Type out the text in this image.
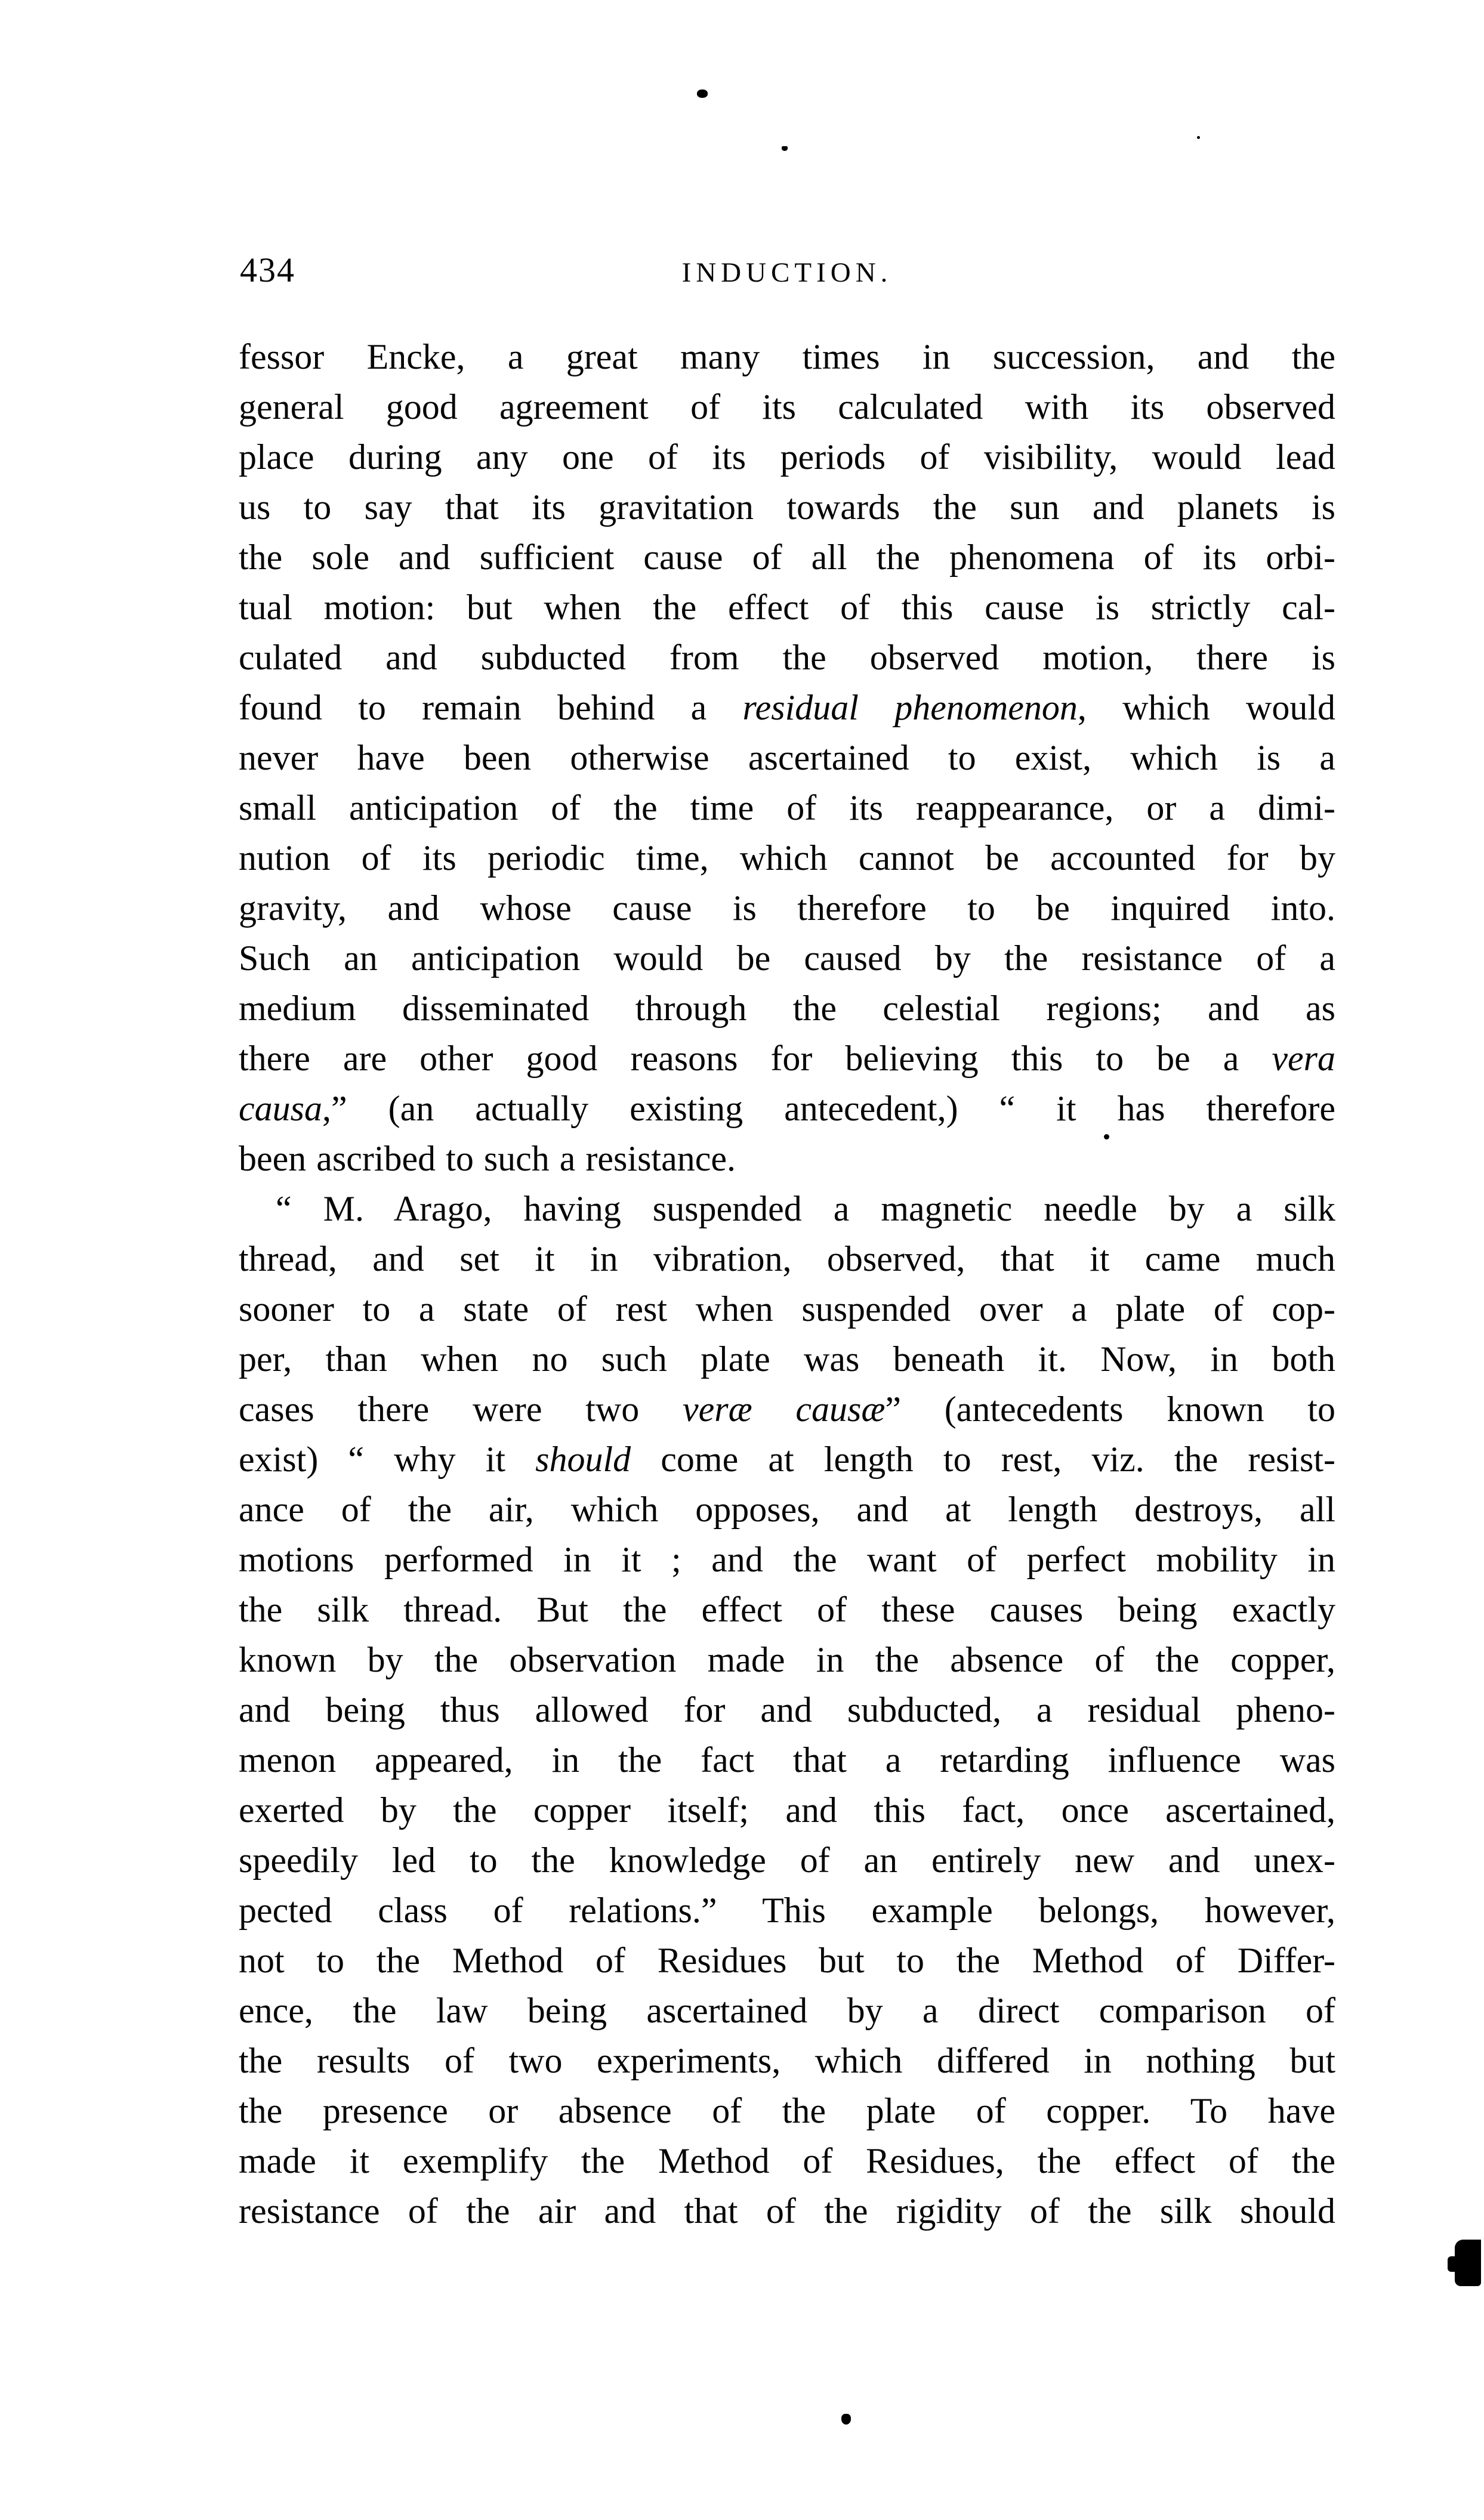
434	INDUCTION.
fessor Encke, a great many times in succession, and the
general good agreement of its calculated with its observed
place during any one of its periods of visibility, would lead
us to say that its gravitation towards the sun and planets is
the sole and sufficient cause of all the phenomena of its orbi-
tual motion: but when the effect of this cause is strictly cal-
culated and subducted from the observed motion, there is
found to remain behind a residual phenomenon, which would
never have been otherwise ascertained to exist, which is a
small anticipation of the time of its reappearance, or a dimi-
nution of its periodic time, which cannot be accounted for by
gravity, and whose cause is therefore to be inquired into.
Such an anticipation would be caused by the resistance of a
medium disseminated through the celestial regions; and as
there are other good reasons for believing this to be a vera
causa,” (an actually existing antecedent,) “ it has therefore
been ascribed to such a resistance.
“ M. Arago, having suspended a magnetic needle by a silk
thread, and set it in vibration, observed, that it came much
sooner to a state of rest when suspended over a plate of cop-
per, than when no such plate was beneath it. Now, in both
cases there were two veræ causæ” (antecedents known to
exist) “ why it should come at length to rest, viz. the resist-
ance of the air, which opposes, and at length destroys, all
motions performed in it ; and the want of perfect mobility in
the silk thread. But the effect of these causes being exactly
known by the observation made in the absence of the copper,
and being thus allowed for and subducted, a residual pheno-
menon appeared, in the fact that a retarding influence was
exerted by the copper itself; and this fact, once ascertained,
speedily led to the knowledge of an entirely new and unex-
pected class of relations.” This example belongs, however,
not to the Method of Residues but to the Method of Differ-
ence, the law being ascertained by a direct comparison of
the results of two experiments, which differed in nothing but
the presence or absence of the plate of copper. To have
made it exemplify the Method of Residues, the effect of the
resistance of the air and that of the rigidity of the silk should
